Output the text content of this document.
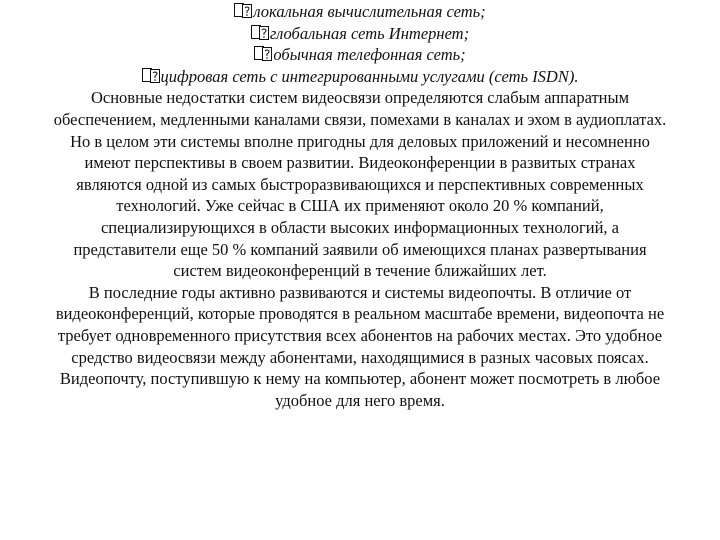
локальная вычислительная сеть;
глобальная сеть Интернет;
обычная телефонная сеть;
цифровая сеть с интегрированными услугами (сеть ISDN).

Основные недостатки систем видеосвязи определяются слабым аппаратным обеспечением, медленными каналами связи, помехами в каналах и эхом в аудиоплатах. Но в целом эти системы вполне пригодны для деловых приложений и несомненно имеют перспективы в своем развитии. Видеоконференции в развитых странах являются одной из самых быстроразвивающихся и перспективных современных технологий. Уже сейчас в США их применяют около 20 % компаний, специализирующихся в области высоких информационных технологий, а представители еще 50 % компаний заявили об имеющихся планах развертывания систем видеоконференций в течение ближайших лет.

В последние годы активно развиваются и системы видеопочты. В отличие от видеоконференций, которые проводятся в реальном масштабе времени, видеопочта не требует одновременного присутствия всех абонентов на рабочих местах. Это удобное средство видеосвязи между абонентами, находящимися в разных часовых поясах. Видеопочту, поступившую к нему на компьютер, абонент может посмотреть в любое удобное для него время.
